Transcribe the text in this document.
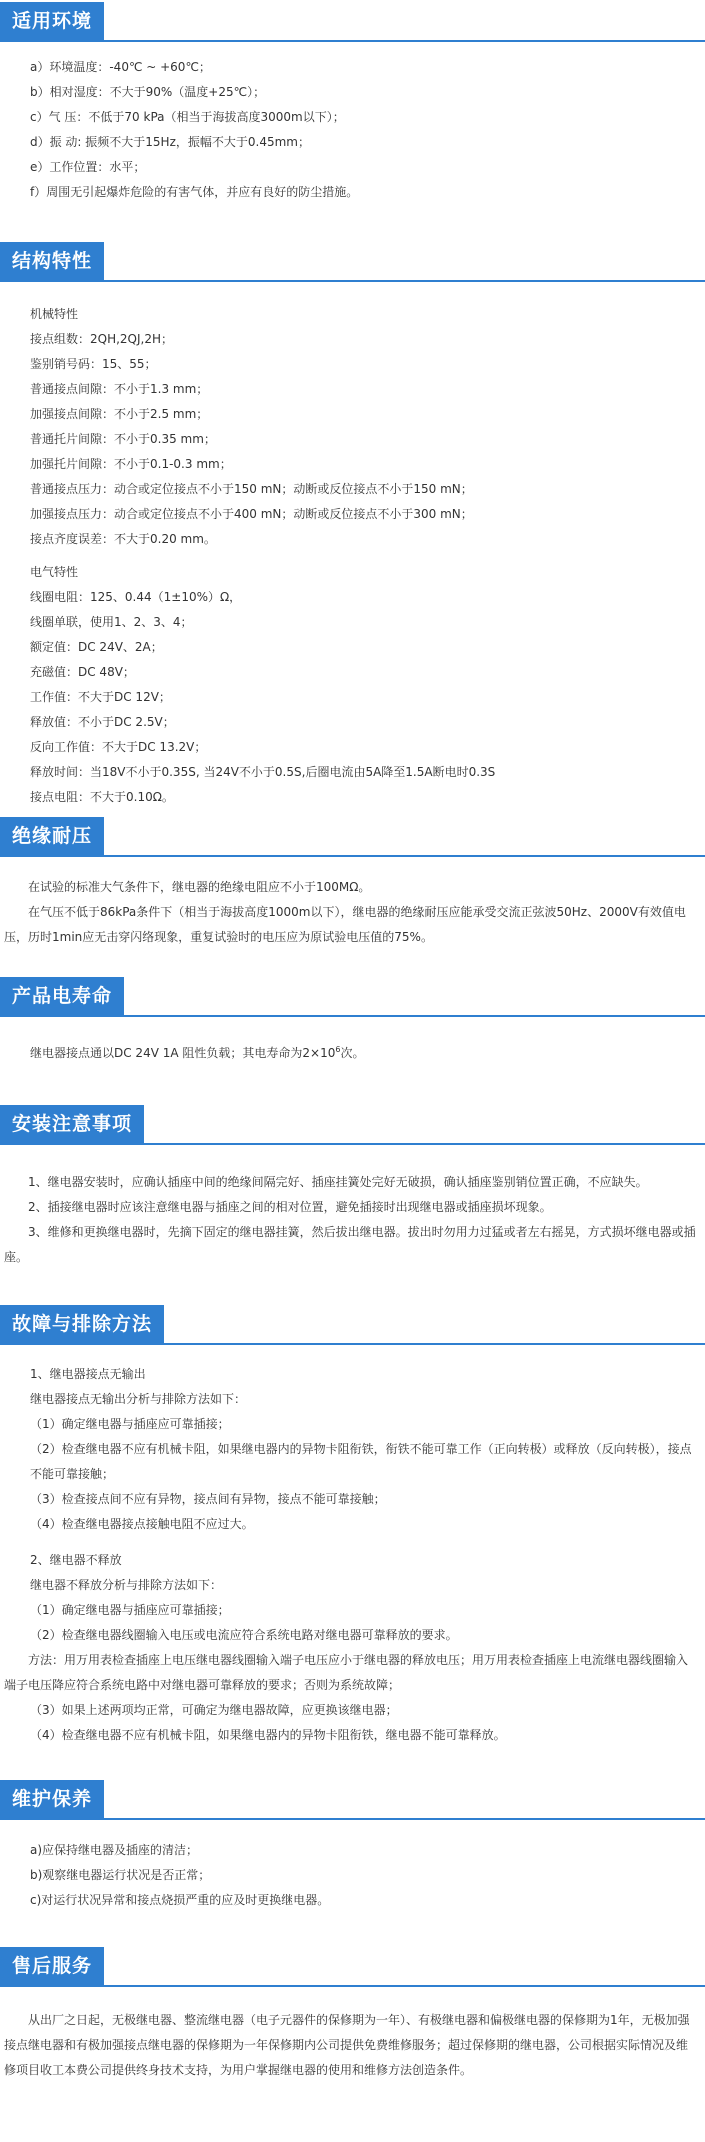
适用环境
a）环境温度：-40℃ ~ +60℃；
b）相对湿度：不大于90%（温度+25℃）；
c）气 压：不低于70 kPa（相当于海拔高度3000m以下）；
d）振 动: 振频不大于15Hz，振幅不大于0.45mm；
e）工作位置：水平；
f）周围无引起爆炸危险的有害气体，并应有良好的防尘措施。
结构特性
机械特性
接点组数：2QH,2QJ,2H；
鉴别销号码：15、55；
普通接点间隙：不小于1.3 mm；
加强接点间隙：不小于2.5 mm；
普通托片间隙：不小于0.35 mm；
加强托片间隙：不小于0.1-0.3 mm；
普通接点压力：动合或定位接点不小于150 mN；动断或反位接点不小于150 mN；
加强接点压力：动合或定位接点不小于400 mN；动断或反位接点不小于300 mN；
接点齐度误差：不大于0.20 mm。
电气特性
线圈电阻：125、0.44（1±10%）Ω，
线圈单联，使用1、2、3、4；
额定值：DC 24V、2A；
充磁值：DC 48V；
工作值：不大于DC 12V；
释放值：不小于DC 2.5V；
反向工作值：不大于DC 13.2V；
释放时间：当18V不小于0.35S, 当24V不小于0.5S,后圈电流由5A降至1.5A断电时0.3S
接点电阻：不大于0.10Ω。
绝缘耐压
在试验的标准大气条件下，继电器的绝缘电阻应不小于100MΩ。
在气压不低于86kPa条件下（相当于海拔高度1000m以下），继电器的绝缘耐压应能承受交流正弦波50Hz、2000V有效值电压，历时1min应无击穿闪络现象，重复试验时的电压应为原试验电压值的75%。
产品电寿命
继电器接点通以DC 24V 1A 阻性负载；其电寿命为$2\times 10^6$次。
安装注意事项
1、继电器安装时，应确认插座中间的绝缘间隔完好、插座挂簧处完好无破损，确认插座鉴别销位置正确，不应缺失。
2、插接继电器时应该注意继电器与插座之间的相对位置，避免插接时出现继电器或插座损坏现象。
3、维修和更换继电器时，先摘下固定的继电器挂簧，然后拔出继电器。拔出时勿用力过猛或者左右摇晃，方式损坏继电器或插座。
故障与排除方法
1、继电器接点无输出
继电器接点无输出分析与排除方法如下：
（1）确定继电器与插座应可靠插接；
（2）检查继电器不应有机械卡阻，如果继电器内的异物卡阻衔铁，衔铁不能可靠工作（正向转极）或释放（反向转极），接点不能可靠接触；
（3）检查接点间不应有异物，接点间有异物，接点不能可靠接触；
（4）检查继电器接点接触电阻不应过大。
2、继电器不释放
继电器不释放分析与排除方法如下：
（1）确定继电器与插座应可靠插接；
（2）检查继电器线圈输入电压或电流应符合系统电路对继电器可靠释放的要求。
方法：用万用表检查插座上电压继电器线圈输入端子电压应小于继电器的释放电压；用万用表检查插座上电流继电器线圈输入端子电压降应符合系统电路中对继电器可靠释放的要求；否则为系统故障；
（3）如果上述两项均正常，可确定为继电器故障，应更换该继电器；
（4）检查继电器不应有机械卡阻，如果继电器内的异物卡阻衔铁，继电器不能可靠释放。
维护保养
a)应保持继电器及插座的清洁；
b)观察继电器运行状况是否正常；
c)对运行状况异常和接点烧损严重的应及时更换继电器。
售后服务
从出厂之日起，无极继电器、整流继电器（电子元器件的保修期为一年）、有极继电器和偏极继电器的保修期为1年，无极加强接点继电器和有极加强接点继电器的保修期为一年保修期内公司提供免费维修服务；超过保修期的继电器，公司根据实际情况及维修项目收工本费公司提供终身技术支持，为用户掌握继电器的使用和维修方法创造条件。
